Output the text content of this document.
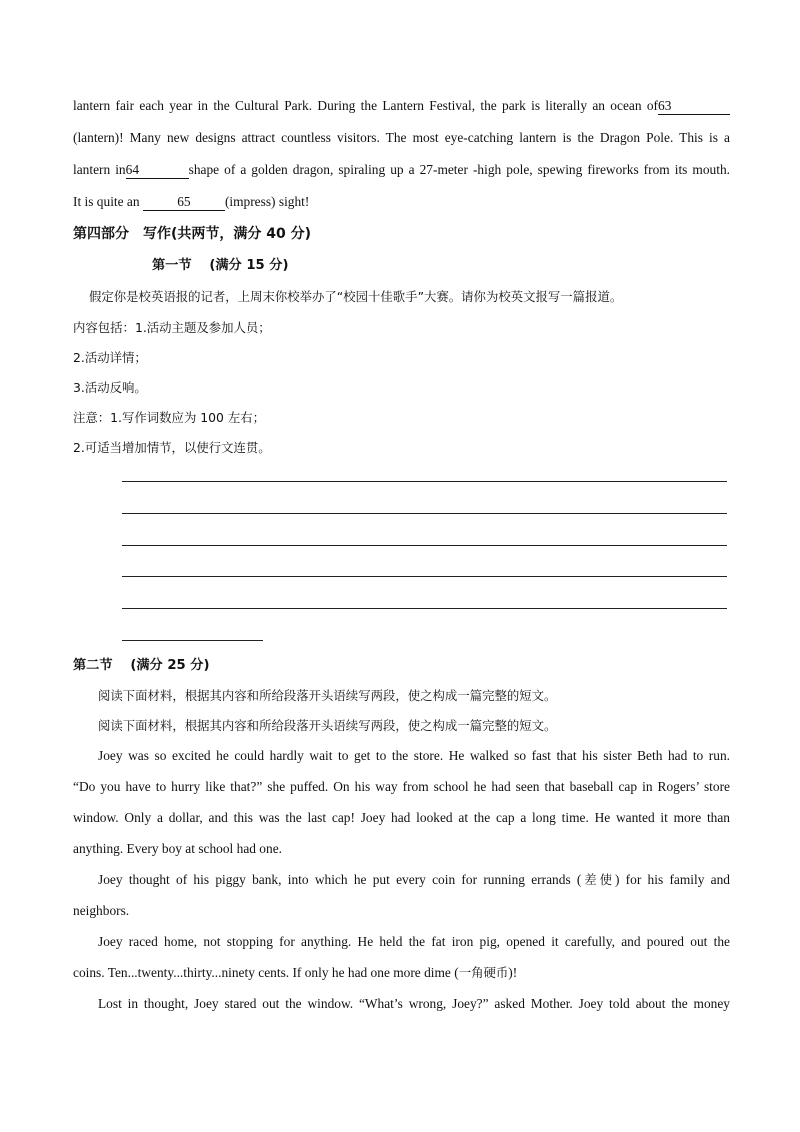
lantern fair each year in the Cultural Park. During the Lantern Festival, the park is literally an ocean of63
(lantern)! Many new designs attract countless visitors. The most eye-catching lantern is the Dragon Pole. This is a
lantern in64	shape of a golden dragon, spiraling up a 27-meter -high pole, spewing fireworks from its mouth.
It is quite an	65	(impress) sight!
第四部分　写作(共两节，满分 40 分)
第一节　 (满分 15 分)
假定你是校英语报的记者，上周末你校举办了“校园十佳歌手”大赛。请你为校英文报写一篇报道。
内容包括：1.活动主题及参加人员；
2.活动详情；
3.活动反响。
注意：1.写作词数应为 100 左右；
2.可适当增加情节，以使行文连贯。
第二节　 (满分 25 分)
阅读下面材料，根据其内容和所给段落开头语续写两段，使之构成一篇完整的短文。
阅读下面材料，根据其内容和所给段落开头语续写两段，使之构成一篇完整的短文。
Joey was so excited he could hardly wait to get to the store. He walked so fast that his sister Beth had to run.
“Do you have to hurry like that?” she puffed. On his way from school he had seen that baseball cap in Rogers’ store
window. Only a dollar, and this was the last cap! Joey had looked at the cap a long time. He wanted it more than
anything. Every boy at school had one.
Joey thought of his piggy bank, into which he put every coin for running errands (差使) for his family and
neighbors.
Joey raced home, not stopping for anything. He held the fat iron pig, opened it carefully, and poured out the
coins. Ten...twenty...thirty...ninety cents. If only he had one more dime (一角硬币)!
Lost in thought, Joey stared out the window. “What’s wrong, Joey?” asked Mother. Joey told about the money
